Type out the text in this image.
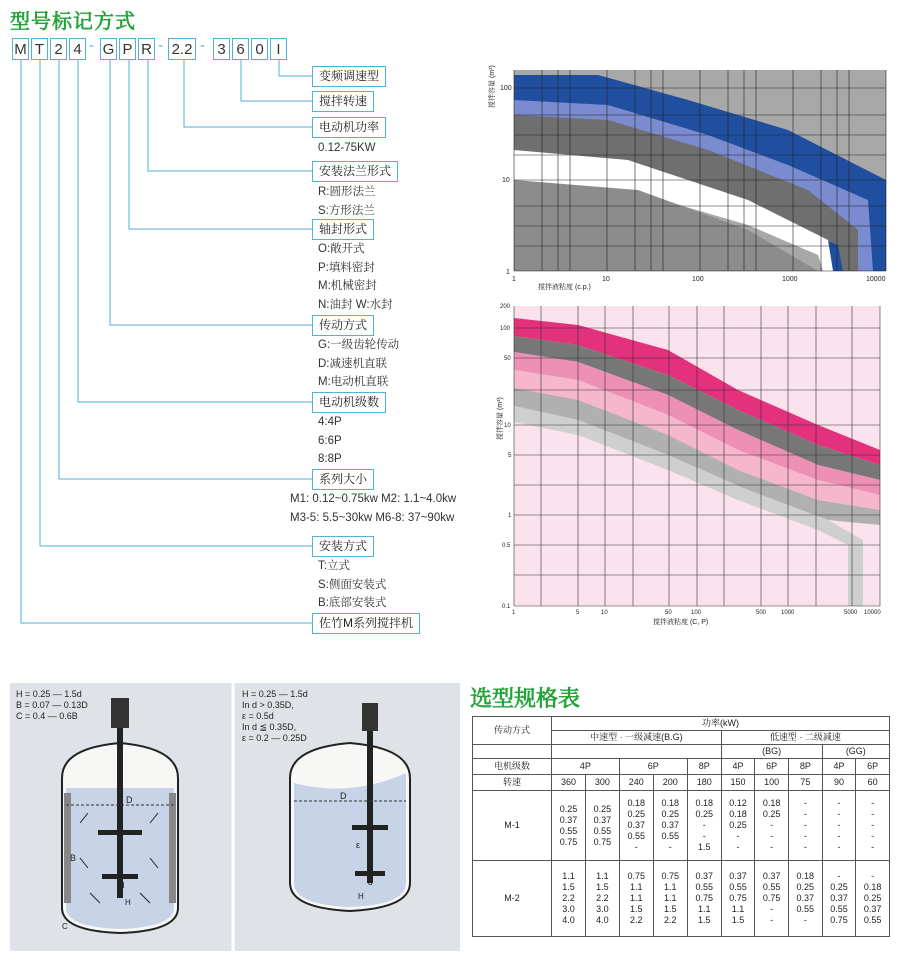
型号标记方式
M T 2 4 - G P R - 2.2 - 3 6 0 I
变频调速型
搅拌转速
电动机功率
0.12-75KW
安装法兰形式
R:圆形法兰
S:方形法兰
轴封形式
O:敞开式
P:填料密封
M:机械密封
N:油封 W:水封
传动方式
G:一级齿轮传动
D:减速机直联
M:电动机直联
电动机级数
4:4P
6:6P
8:8P
系列大小
M1: 0.12~0.75kw M2: 1.1~4.0kw
M3-5: 5.5~30kw M6-8: 37~90kw
安装方式
T:立式
S:侧面安装式
B:底部安装式
佐竹M系列搅拌机
搅拌容量 (m³) 100
10
1
1	10	100	1000	10000
搅拌液粘度 (c.p.)
搅拌容量 (m³)
200
100
50
10
5
1
0.5
0.1
1	5	10	50	100	500 1000	5000 10000
搅拌液粘度 (C, P)
D
B
d
H
C
H = 0.25 — 1.5d
B = 0.07 — 0.13D
C = 0.4 — 0.6B
D
ε
d
H
H = 0.25 — 1.5d
In d > 0.35D,
ε = 0.5d
In d ≦ 0.35D,
ε = 0.2 — 0.25D
选型规格表
传动方式	功率(kW)									
	中速型 · 一级减速(B.G)					低速型 · 二级减速				
						(BG)			(GG)	
电机级数	4P		6P		8P	4P	6P	8P	4P	6P
转速	360	300	240	200	180	150	100	75	90	60
M-1	0.25
0.37
0.55
0.75	0.25
0.37
0.55
0.75	0.18
0.25
0.37
0.55
-	0.18
0.25
0.37
0.55
-	0.18
0.25
-
-
1.5	0.12
0.18
0.25
-
-	0.18
0.25
-
-
-	-
-
-
-
-	-
-
-
-
-	-
-
-
-
-

M-2	1.1
1.5
2.2
3.0
4.0	1.1
1.5
2.2
3.0
4.0	0.75
1.1
1.1
1.5
2.2	0.75
1.1
1.1
1.5
2.2	0.37
0.55
0.75
1.1
1.5	0.37
0.55
0.75
1.1
1.5	0.37
0.55
0.75
-
-	0.18
0.25
0.37
0.55
-	-
0.25
0.37
0.55
0.75	-
0.18
0.25
0.37
0.55
